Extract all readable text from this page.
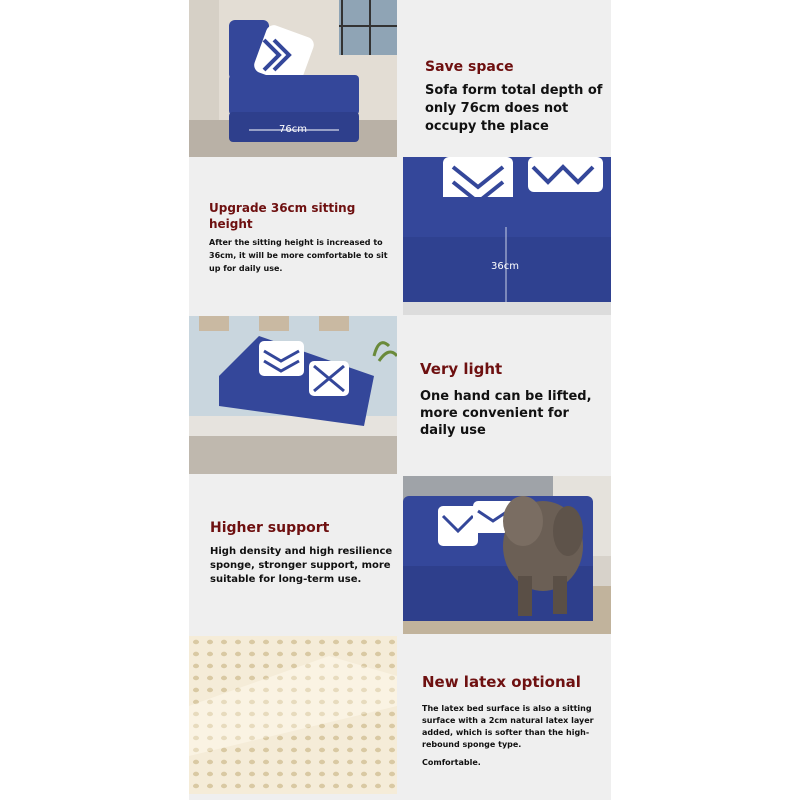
76cm
Save space
Sofa form total depth of only 76cm does not occupy the place
Upgrade 36cm sitting height
After the sitting height is increased to 36cm, it will be more comfortable to sit up for daily use.	36cm
Very light
One hand can be lifted, more convenient for daily use
Higher support
High density and high resilience sponge, stronger support, more suitable for long-term use.
New latex optional
The latex bed surface is also a sitting surface with a 2cm natural latex layer added, which is softer than the high-rebound sponge type.
Comfortable.
